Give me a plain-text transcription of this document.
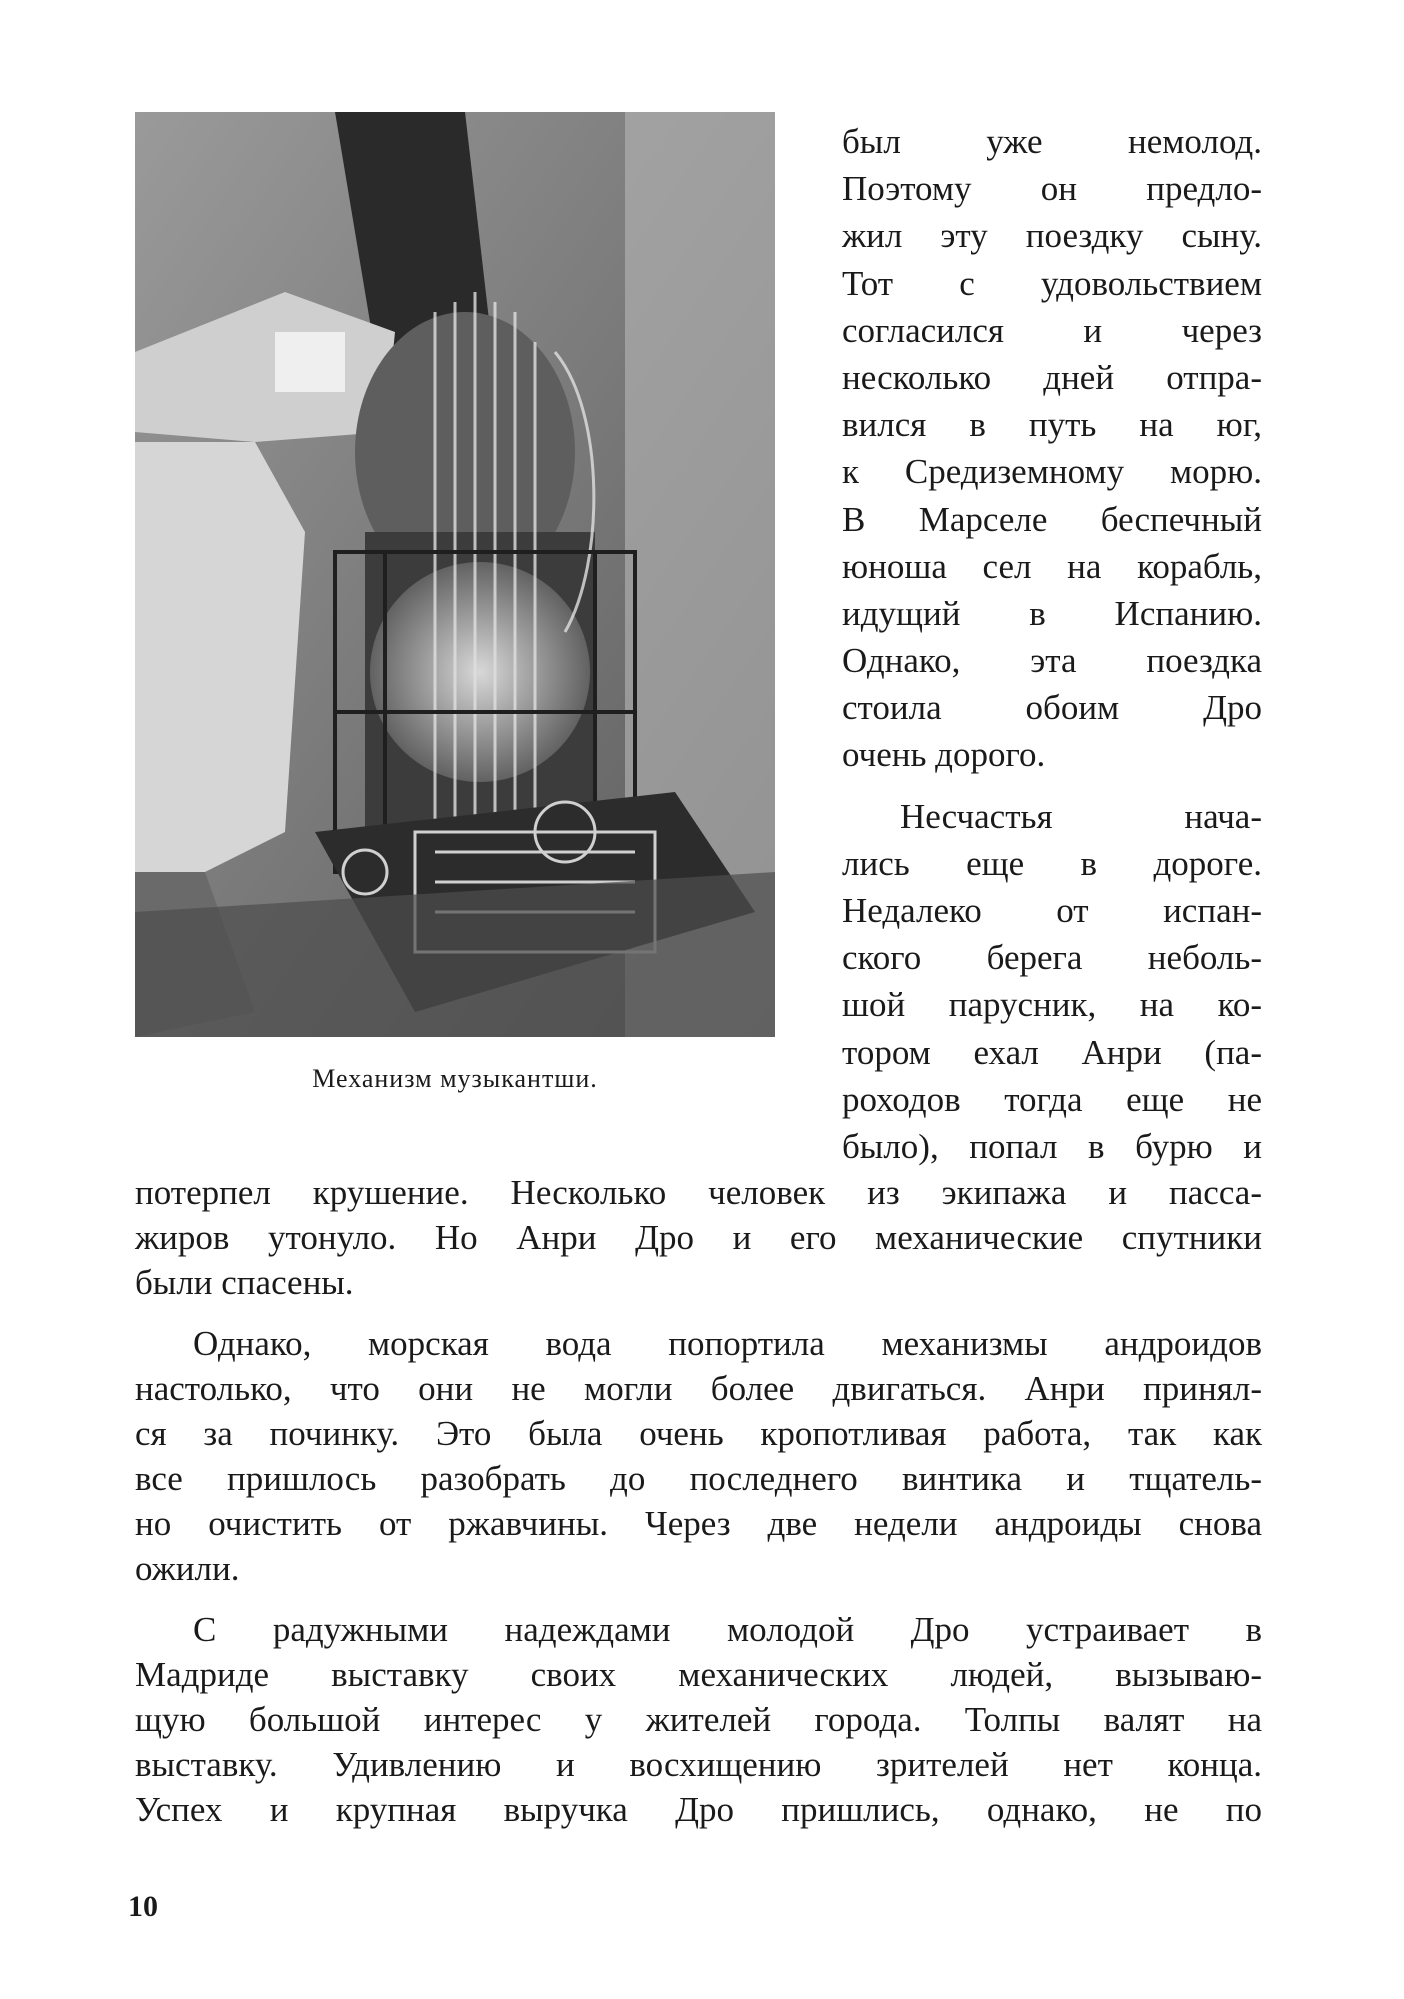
Механизм музыкантши.
был уже немолод.
Поэтому он предло-
жил эту поездку сыну.
Тот с удовольствием
согласился и через
несколько дней отпра-
вился в путь на юг,
к Средиземному морю.
В Марселе беспечный
юноша сел на корабль,
идущий в Испанию.
Однако, эта поездка
стоила обоим Дро
очень дорого.
Несчастья нача-
лись еще в дороге.
Недалеко от испан-
ского берега неболь-
шой парусник, на ко-
тором ехал Анри (па-
роходов тогда еще не
было), попал в бурю и
потерпел крушение. Несколько человек из экипажа и пасса-
жиров утонуло. Но Анри Дро и его механические спутники
были спасены.
Однако, морская вода попортила механизмы андроидов
настолько, что они не могли более двигаться. Анри принял-
ся за починку. Это была очень кропотливая работа, так как
все пришлось разобрать до последнего винтика и тщатель-
но очистить от ржавчины. Через две недели андроиды снова
ожили.
С радужными надеждами молодой Дро устраивает в
Мадриде выставку своих механических людей, вызываю-
щую большой интерес у жителей города. Толпы валят на
выставку. Удивлению и восхищению зрителей нет конца.
Успех и крупная выручка Дро пришлись, однако, не по
10
